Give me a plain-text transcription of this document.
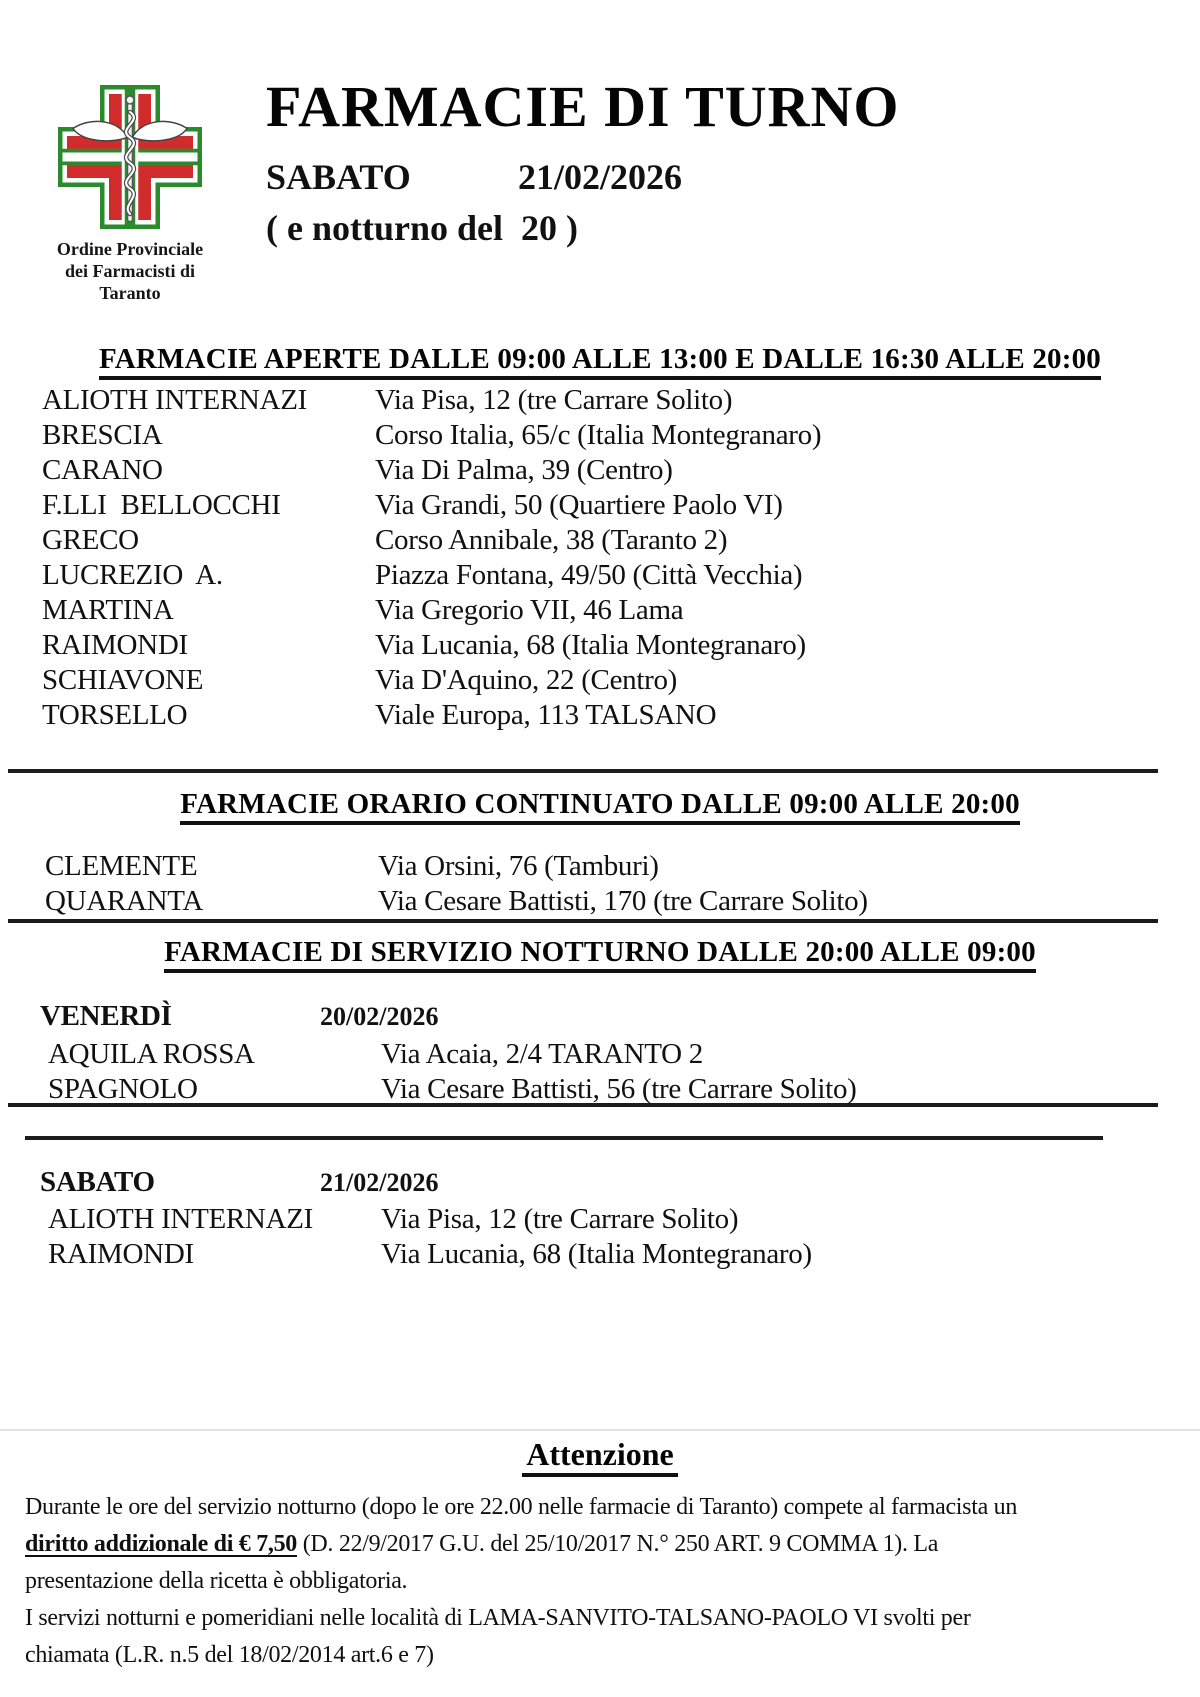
Ordine Provinciale
dei Farmacisti di
Taranto
FARMACIE DI TURNO
SABATO	21/02/2026
( e notturno del  20 )
FARMACIE APERTE DALLE 09:00 ALLE 13:00 E DALLE 16:30 ALLE 20:00
ALIOTH INTERNAZI	Via Pisa, 12 (tre Carrare Solito)
BRESCIA	Corso Italia, 65/c (Italia Montegranaro)
CARANO	Via Di Palma, 39 (Centro)
F.LLI  BELLOCCHI	Via Grandi, 50 (Quartiere Paolo VI)
GRECO	Corso Annibale, 38 (Taranto 2)
LUCREZIO  A.	Piazza Fontana, 49/50 (Città Vecchia)
MARTINA	Via Gregorio VII, 46 Lama
RAIMONDI	Via Lucania, 68 (Italia Montegranaro)
SCHIAVONE	Via D'Aquino, 22 (Centro)
TORSELLO	Viale Europa, 113 TALSANO
FARMACIE ORARIO CONTINUATO DALLE 09:00 ALLE 20:00
CLEMENTE	Via Orsini, 76 (Tamburi)
QUARANTA	Via Cesare Battisti, 170 (tre Carrare Solito)
FARMACIE DI SERVIZIO NOTTURNO DALLE 20:00 ALLE 09:00
VENERDÌ	20/02/2026
AQUILA ROSSA	Via Acaia, 2/4 TARANTO 2
SPAGNOLO	Via Cesare Battisti, 56 (tre Carrare Solito)
SABATO	21/02/2026
ALIOTH INTERNAZI	Via Pisa, 12 (tre Carrare Solito)
RAIMONDI	Via Lucania, 68 (Italia Montegranaro)
Attenzione
Durante le ore del servizio notturno (dopo le ore 22.00 nelle farmacie di Taranto) compete al farmacista un
diritto addizionale di € 7,50 (D. 22/9/2017 G.U. del 25/10/2017 N.° 250 ART. 9 COMMA 1). La
presentazione della ricetta è obbligatoria.
I servizi notturni e pomeridiani nelle località di LAMA-SANVITO-TALSANO-PAOLO VI svolti per
chiamata (L.R. n.5 del 18/02/2014 art.6 e 7)
